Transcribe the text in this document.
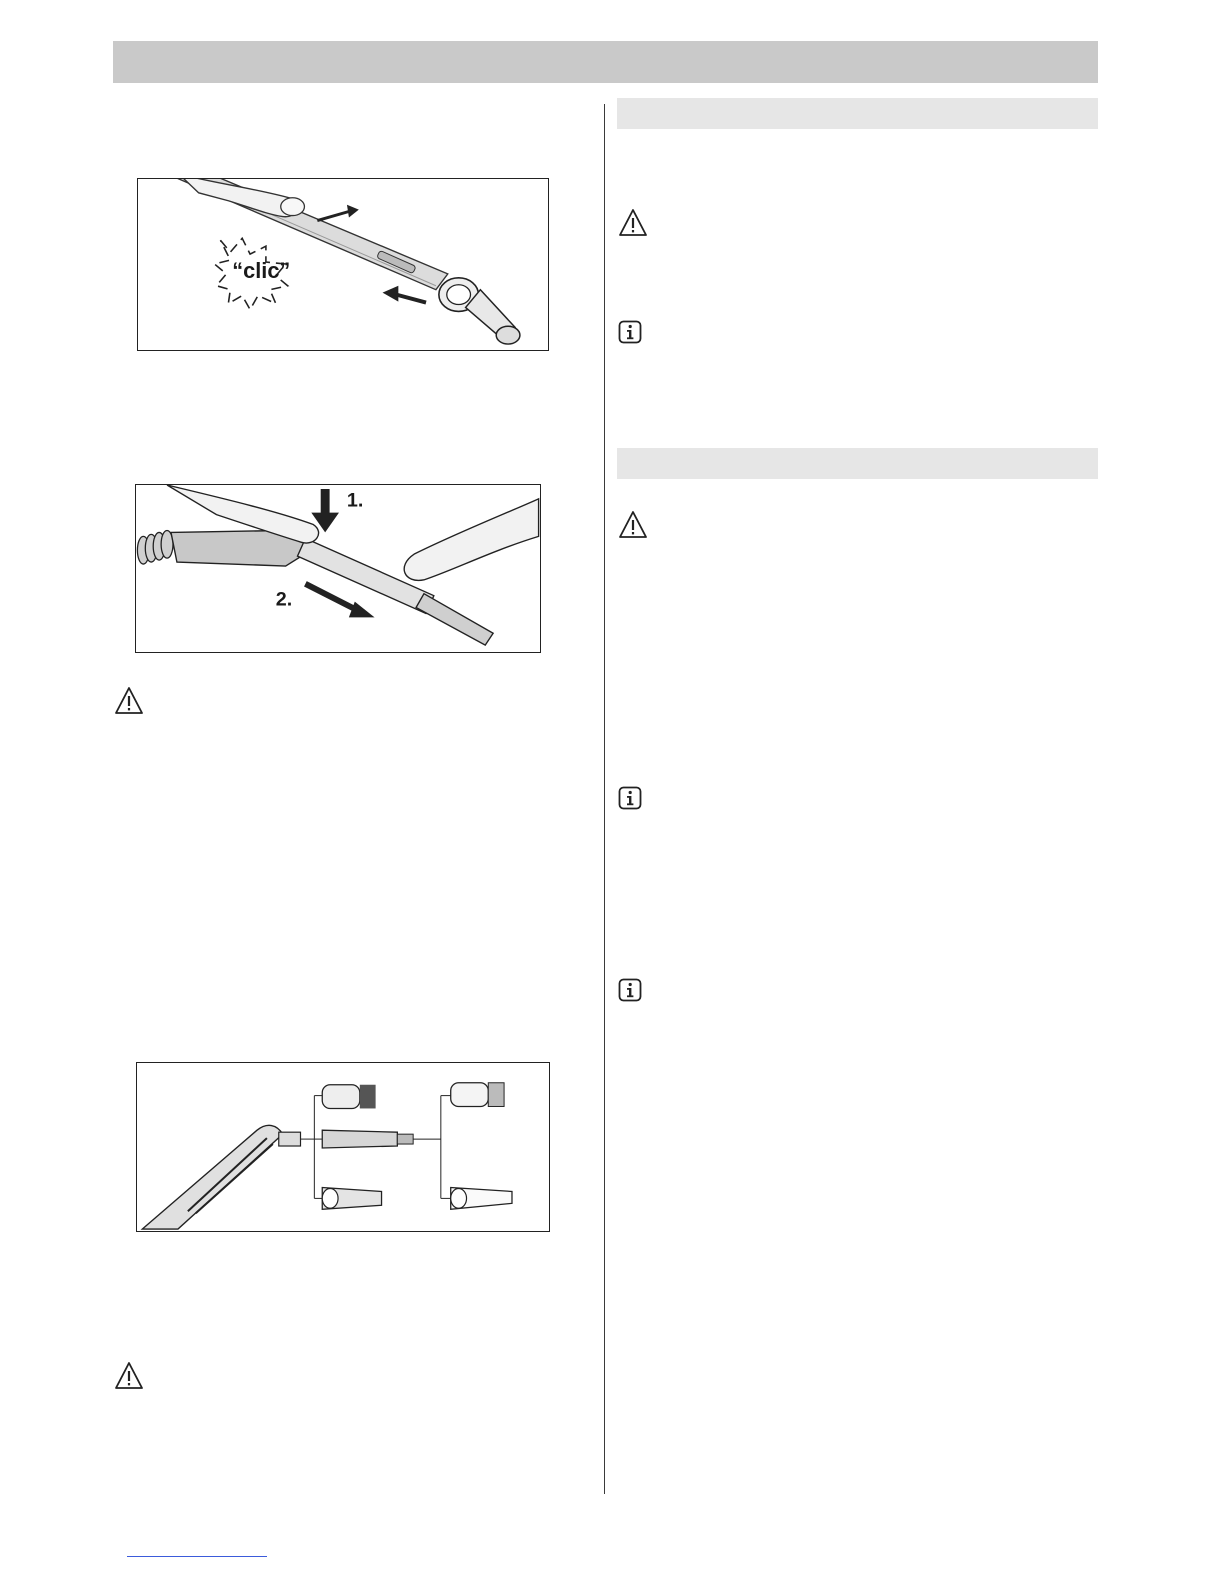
“clic”
1.
2.
